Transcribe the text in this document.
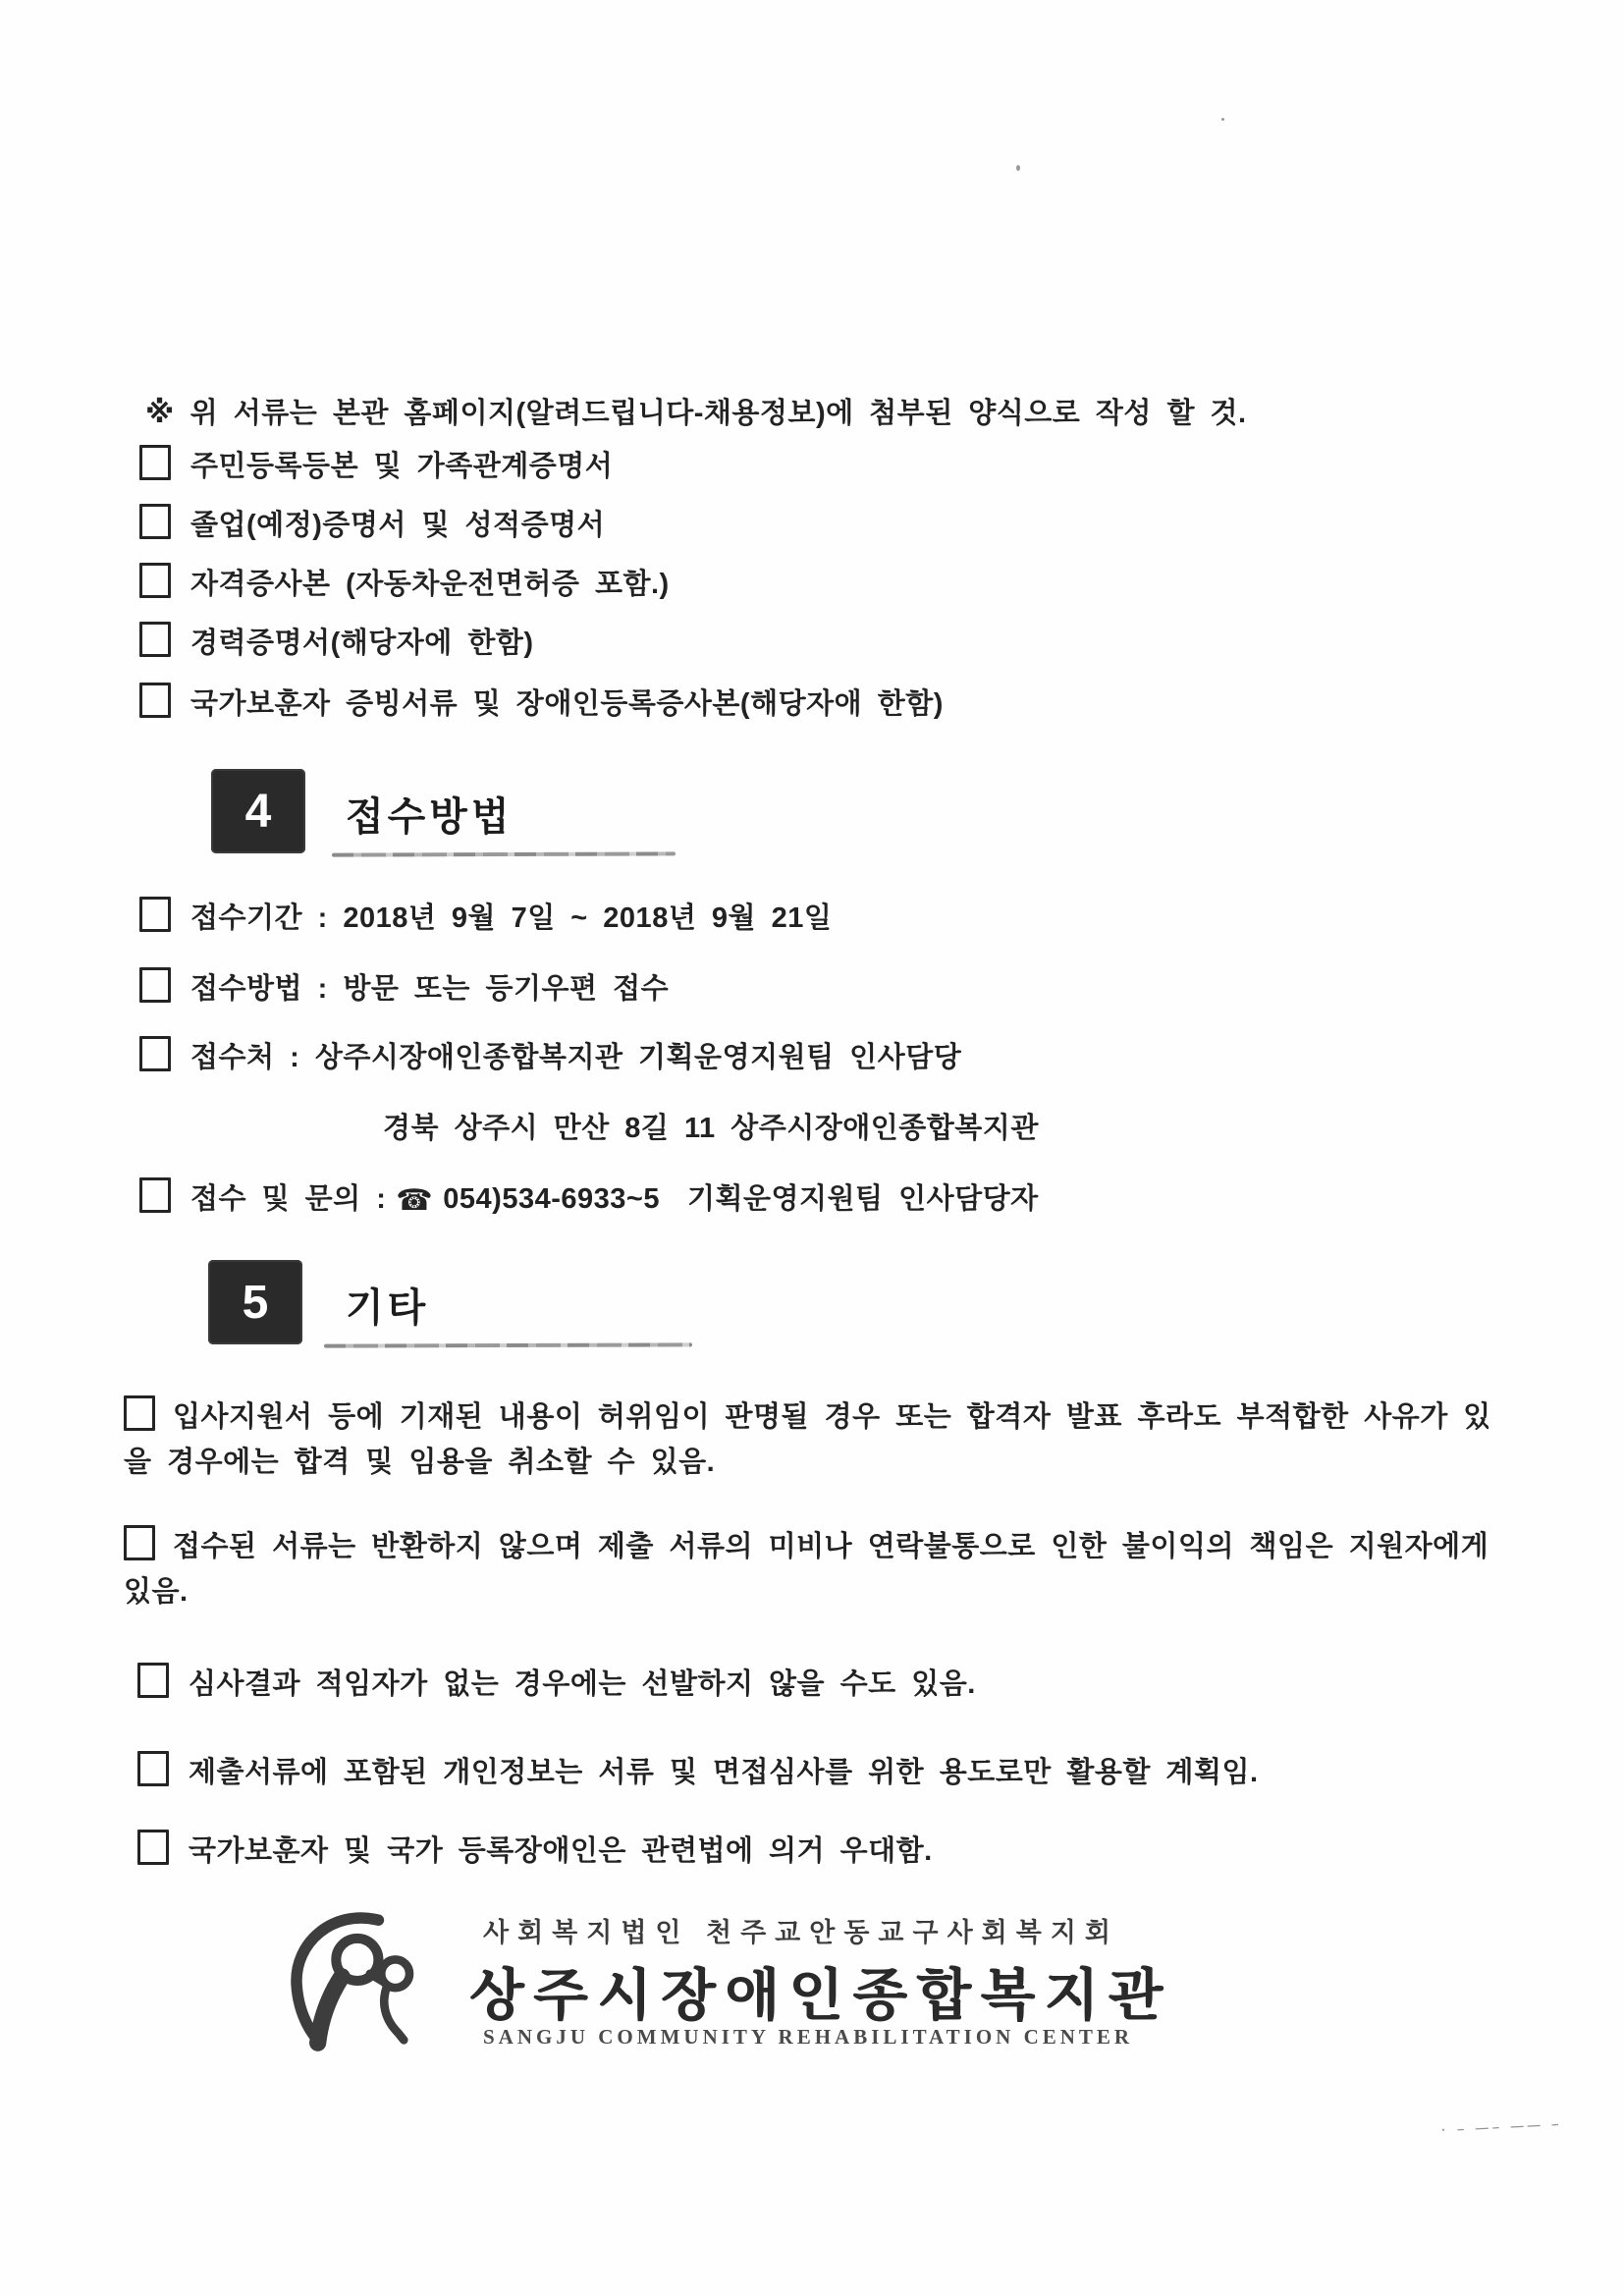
※ 위 서류는 본관 홈페이지(알려드립니다-채용정보)에 첨부된 양식으로 작성 할 것.
주민등록등본 및 가족관계증명서
졸업(예정)증명서 및 성적증명서
자격증사본 (자동차운전면허증 포함.)
경력증명서(해당자에 한함)
국가보훈자 증빙서류 및 장애인등록증사본(해당자애 한함)
4 접수방법
접수기간 : 2018년 9월 7일 ~ 2018년 9월 21일
접수방법 : 방문 또는 등기우편 접수
접수처 : 상주시장애인종합복지관 기획운영지원팀 인사담당
경북 상주시 만산 8길 11 상주시장애인종합복지관
접수 및 문의 : ☎ 054)534-6933~5 기획운영지원팀 인사담당자
5 기타
입사지원서 등에 기재된 내용이 허위임이 판명될 경우 또는 합격자 발표 후라도 부적합한 사유가 있을 경우에는 합격 및 임용을 취소할 수 있음.
접수된 서류는 반환하지 않으며 제출 서류의 미비나 연락불통으로 인한 불이익의 책임은 지원자에게 있음.
심사결과 적임자가 없는 경우에는 선발하지 않을 수도 있음.
제출서류에 포함된 개인정보는 서류 및 면접심사를 위한 용도로만 활용할 계획임.
국가보훈자 및 국가 등록장애인은 관련법에 의거 우대함.
사회복지법인 천주교안동교구사회복지회
상주시장애인종합복지관
SANGJU COMMUNITY REHABILITATION CENTER
· – —– —— –
